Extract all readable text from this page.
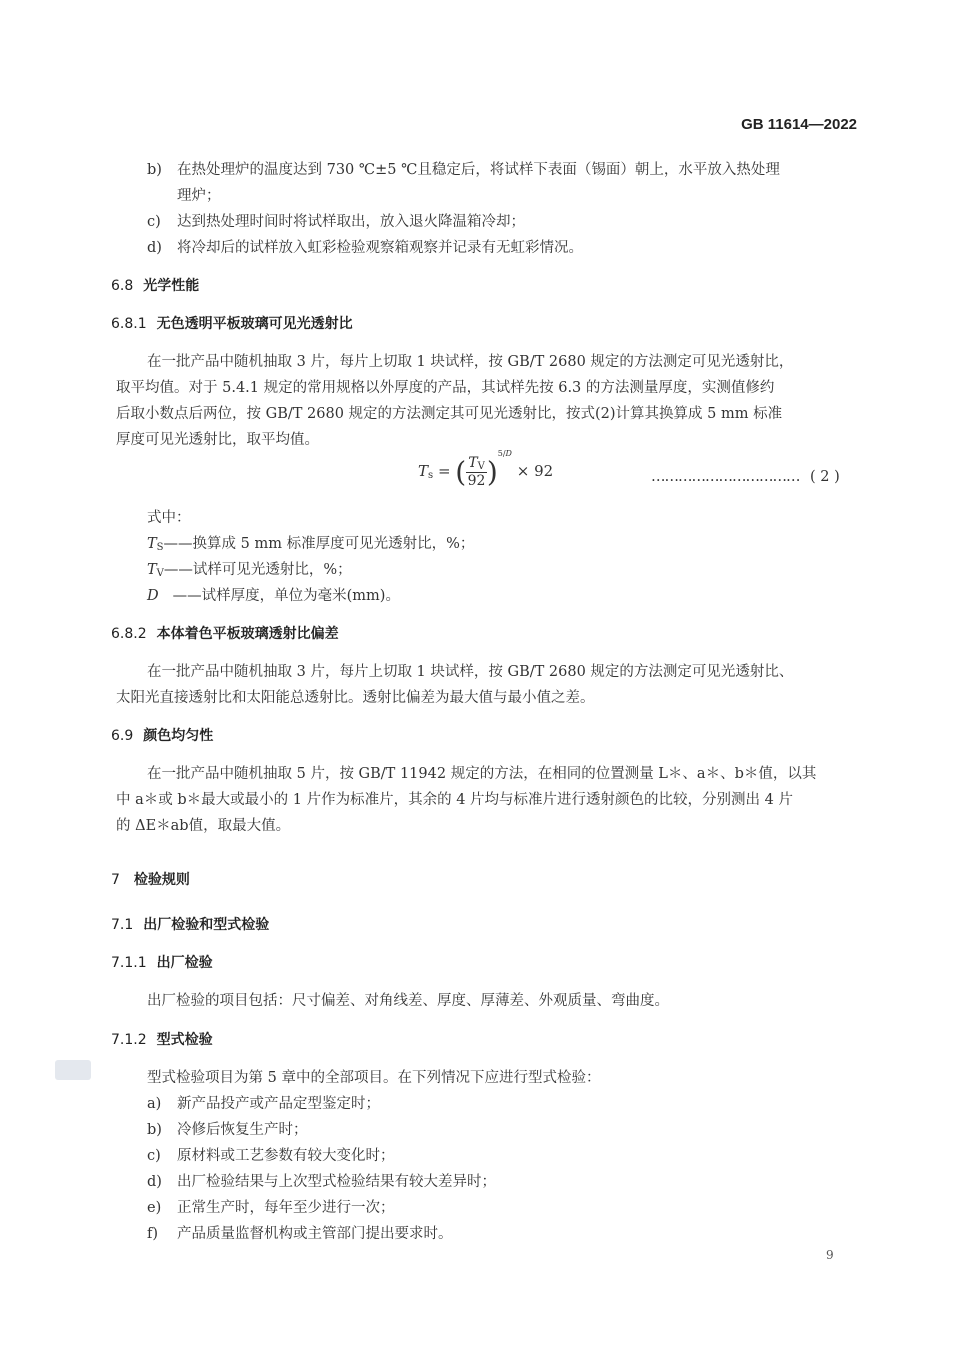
GB 11614—2022
b) 在热处理炉的温度达到 730 ℃±5 ℃且稳定后，将试样下表面（锡面）朝上，水平放入热处理
理炉；
c) 达到热处理时间时将试样取出，放入退火降温箱冷却；
d) 将冷却后的试样放入虹彩检验观察箱观察并记录有无虹彩情况。
6.8 光学性能
6.8.1 无色透明平板玻璃可见光透射比
在一批产品中随机抽取 3 片，每片上切取 1 块试样，按 GB/T 2680 规定的方法测定可见光透射比，
取平均值。对于 5.4.1 规定的常用规格以外厚度的产品，其试样先按 6.3 的方法测量厚度，实测值修约
后取小数点后两位，按 GB/T 2680 规定的方法测定其可见光透射比，按式(2)计算其换算成 5 mm 标准
厚度可见光透射比，取平均值。
$T_s$ = ( $\frac{T_V}{92} )^{5/D} \times 92$	…………………………… ( 2 )
式中：
$T_S——$换算成 5 mm 标准厚度可见光透射比，%；
$T_V——$试样可见光透射比，%；
D ——试样厚度，单位为毫米(mm)。
6.8.2 本体着色平板玻璃透射比偏差
在一批产品中随机抽取 3 片，每片上切取 1 块试样，按 GB/T 2680 规定的方法测定可见光透射比、
太阳光直接透射比和太阳能总透射比。透射比偏差为最大值与最小值之差。
6.9 颜色均匀性
在一批产品中随机抽取 5 片，按 GB/T 11942 规定的方法，在相同的位置测量 L＊、a＊、b＊值，以其
中 a＊或 b＊最大或最小的 1 片作为标准片，其余的 4 片均与标准片进行透射颜色的比较，分别测出 4 片
的 ΔE＊ab值，取最大值。
7 检验规则
7.1 出厂检验和型式检验
7.1.1 出厂检验
出厂检验的项目包括：尺寸偏差、对角线差、厚度、厚薄差、外观质量、弯曲度。
7.1.2 型式检验
型式检验项目为第 5 章中的全部项目。在下列情况下应进行型式检验：
a) 新产品投产或产品定型鉴定时；
b) 冷修后恢复生产时；
c) 原材料或工艺参数有较大变化时；
d) 出厂检验结果与上次型式检验结果有较大差异时；
e) 正常生产时，每年至少进行一次；
f) 产品质量监督机构或主管部门提出要求时。
9
